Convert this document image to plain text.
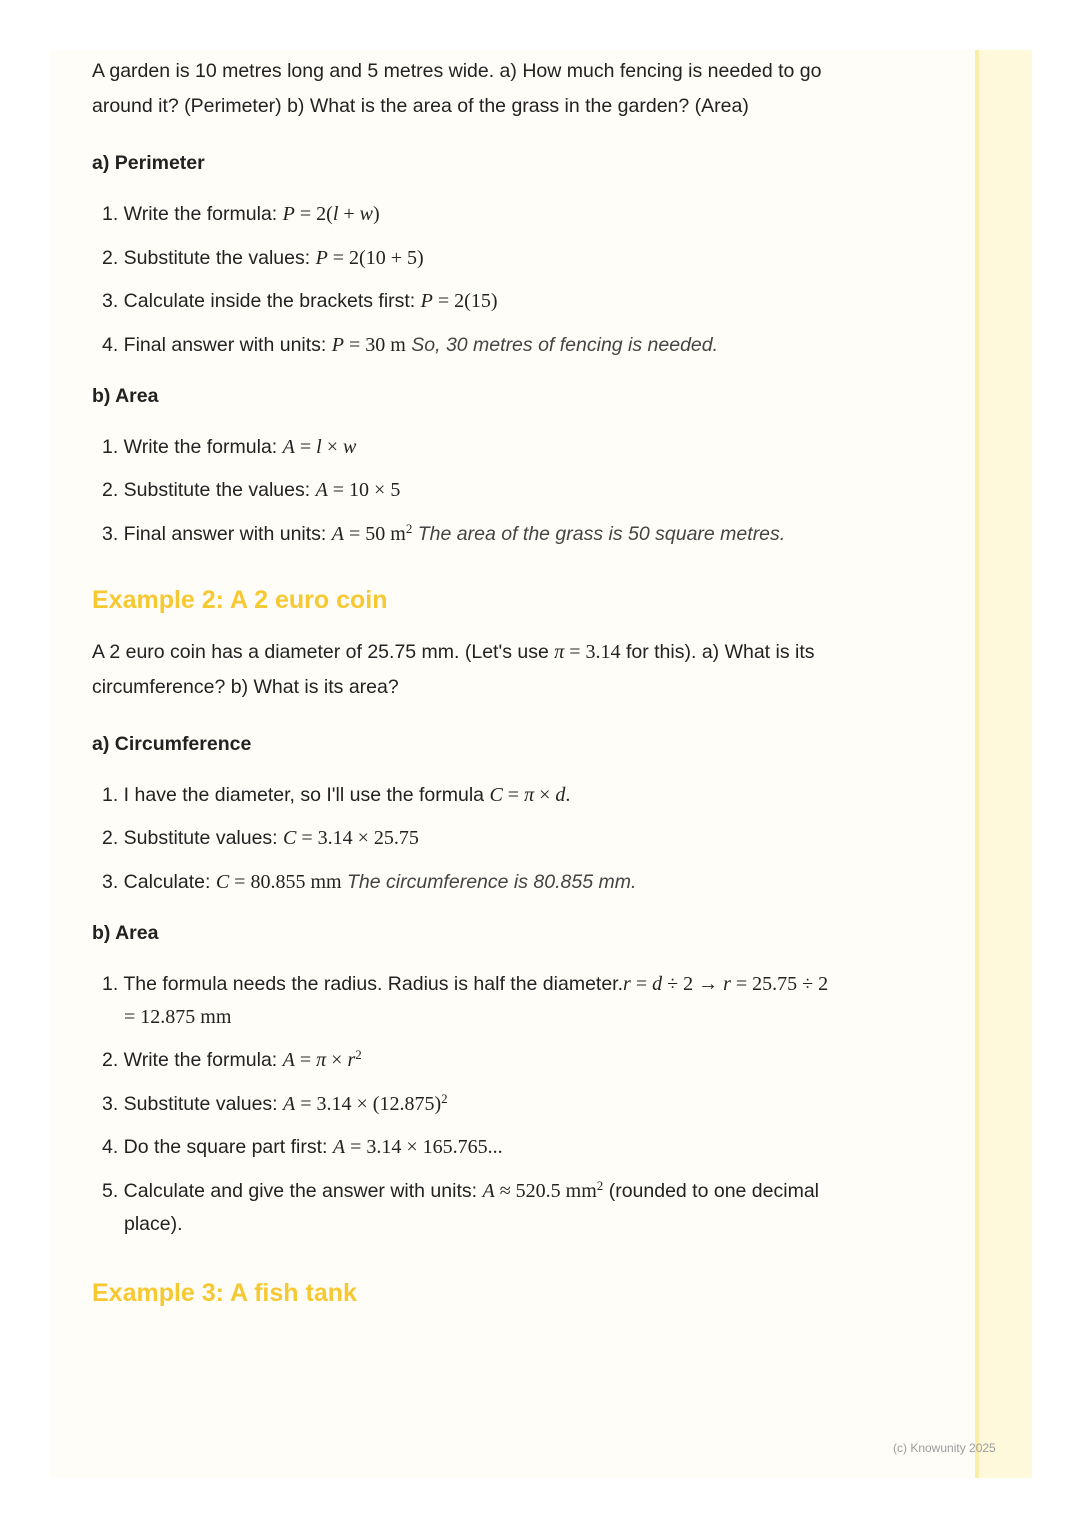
A garden is 10 metres long and 5 metres wide. a) How much fencing is needed to go around it? (Perimeter) b) What is the area of the grass in the garden? (Area)

a) Perimeter
1. Write the formula: P = 2(l + w)
2. Substitute the values: P = 2(10 + 5)
3. Calculate inside the brackets first: P = 2(15)
4. Final answer with units: P = 30 m So, 30 metres of fencing is needed.
b) Area
1. Write the formula: A = l × w
2. Substitute the values: A = 10 × 5
3. Final answer with units: A = 50 $m^2$ The area of the grass is 50 square metres.
Example 2: A 2 euro coin

A 2 euro coin has a diameter of 25.75 mm. (Let's use π = 3.14 for this). a) What is its circumference? b) What is its area?

a) Circumference
1. I have the diameter, so I'll use the formula C = π × d.
2. Substitute values: C = 3.14 × 25.75
3. Calculate: C = 80.855 mm The circumference is 80.855 mm.
b) Area
1. The formula needs the radius. Radius is half the diameter.r = d ÷ 2 → r = 25.75 ÷ 2 = 12.875 mm
2. Write the formula: $A = \pi \times r^2$
3. Substitute values: $A = 3.14 \times (12.875)^2$
4. Do the square part first: A = 3.14 × 165.765...
5. Calculate and give the answer with units: A ≈ 520.5 $mm^2$ (rounded to one decimal place).
Example 3: A fish tank
(c) Knowunity 2025
